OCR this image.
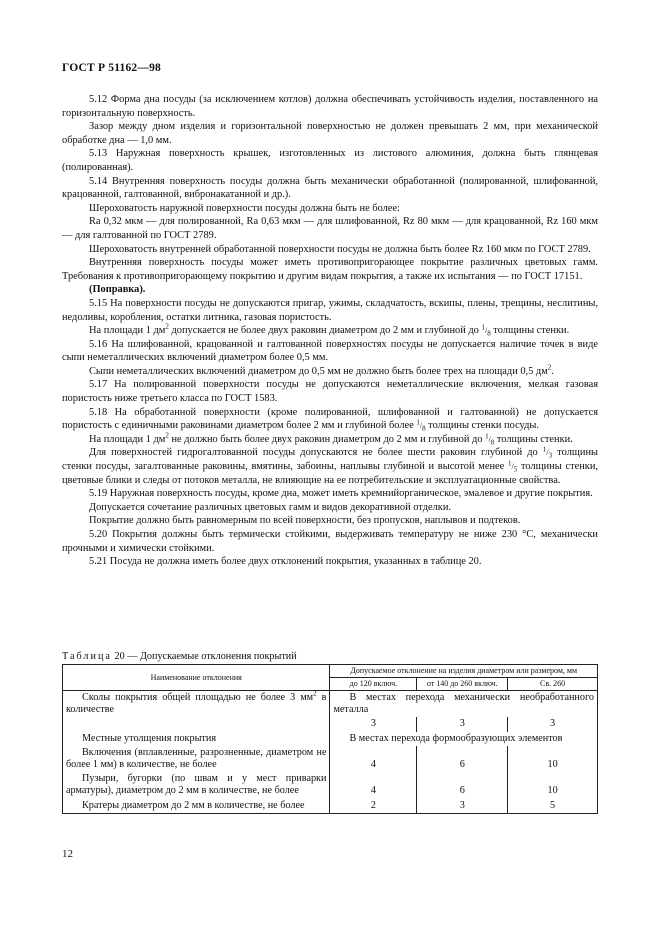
ГОСТ Р 51162—98

5.12 Форма дна посуды (за исключением котлов) должна обеспечивать устойчивость изделия, поставленного на горизонтальную поверхность.

Зазор между дном изделия и горизонтальной поверхностью не должен превышать 2 мм, при механической обработке дна — 1,0 мм.

5.13 Наружная поверхность крышек, изготовленных из листового алюминия, должна быть глянцевая (полированная).

5.14 Внутренняя поверхность посуды должна быть механически обработанной (полированной, шлифованной, крацованной, галтованной, вибронакатанной и др.).

Шероховатость наружной поверхности посуды должна быть не более:

Ra 0,32 мкм — для полированной, Ra 0,63 мкм — для шлифованной, Rz 80 мкм — для крацованной, Rz 160 мкм — для галтованной по ГОСТ 2789.

Шероховатость внутренней обработанной поверхности посуды не должна быть более Rz 160 мкм по ГОСТ 2789.

Внутренняя поверхность посуды может иметь противопригорающее покрытие различных цветовых гамм. Требования к противопригорающему покрытию и другим видам покрытия, а также их испытания — по ГОСТ 17151.

(Поправка).

5.15 На поверхности посуды не допускаются пригар, ужимы, складчатость, вскипы, плены, трещины, неслитины, недоливы, коробления, остатки литника, газовая пористость.

На площади 1 $дм^2$ допускается не более двух раковин диаметром до 2 мм и глубиной до $^1/_8$ толщины стенки.

5.16 На шлифованной, крацованной и галтованной поверхностях посуды не допускается наличие точек в виде сыпи неметаллических включений диаметром более 0,5 мм.

Сыпи неметаллических включений диаметром до 0,5 мм не должно быть более трех на площади 0,5 $дм^2$.

5.17 На полированной поверхности посуды не допускаются неметаллические включения, мелкая газовая пористость ниже третьего класса по ГОСТ 1583.

5.18 На обработанной поверхности (кроме полированной, шлифованной и галтованной) не допускается пористость с единичными раковинами диаметром более 2 мм и глубиной более $^1/_8$ толщины стенки посуды.

На площади 1 $дм^2$ не должно быть более двух раковин диаметром до 2 мм и глубиной до $^1/_8$ толщины стенки.

Для поверхностей гидрогалтованной посуды допускаются не более шести раковин глубиной до $^1/_3$ толщины стенки посуды, загалтованные раковины, вмятины, забоины, наплывы глубиной и высотой менее $^1/_5$ толщины стенки, цветовые блики и следы от потоков металла, не влияющие на ее потребительские и эксплуатационные свойства.

5.19 Наружная поверхность посуды, кроме дна, может иметь кремнийорганическое, эмалевое и другие покрытия.

Допускается сочетание различных цветовых гамм и видов декоративной отделки.

Покрытие должно быть равномерным по всей поверхности, без пропусков, наплывов и подтеков.

5.20 Покрытия должны быть термически стойкими, выдерживать температуру не ниже 230 °С, механически прочными и химически стойкими.

5.21 Посуда не должна иметь более двух отклонений покрытия, указанных в таблице 20.

Таблица 20 — Допускаемые отклонения покрытий
Наименование отклонения	Допускаемое отклонение на изделия диаметром или размером, мм		
	до 120 включ.	от 140 до 260 включ.	Св. 260
Сколы покрытия общей площадью не более 3 $мм^2$ в количестве	В местах перехода механически необработанного металла		
	3	3	3
Местные утолщения покрытия	В местах перехода формообразующих элементов		
Включения (вплавленные, разрозненные, диаметром не более 1 мм) в количестве, не более	4	6	10
Пузыри, бугорки (по швам и у мест приварки арматуры), диаметром до 2 мм в количестве, не более	4	6	10
Кратеры диаметром до 2 мм в количестве, не более	2	3	5
12
